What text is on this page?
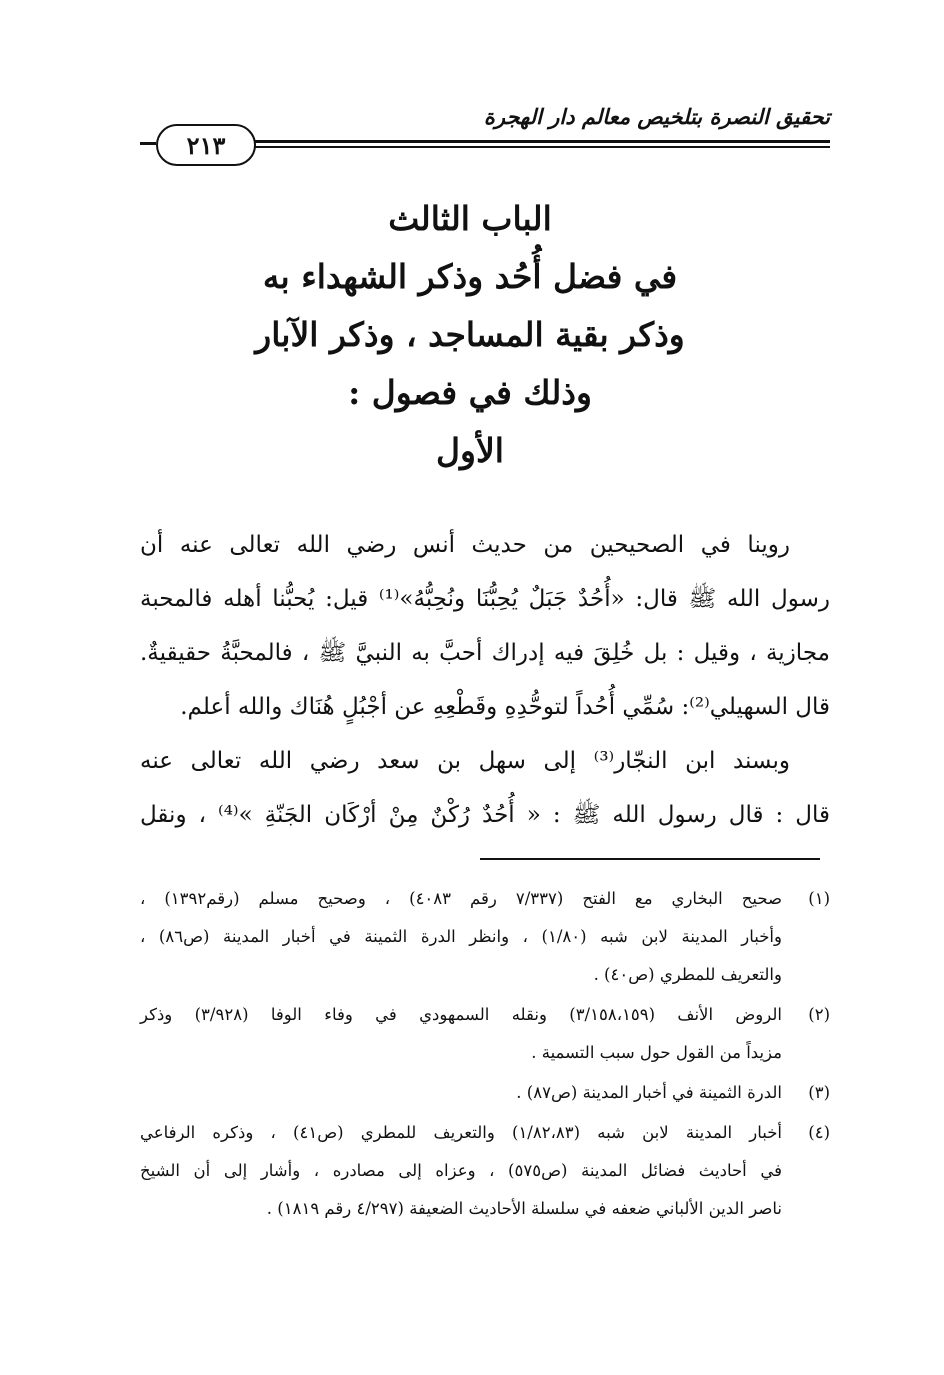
تحقيق النصرة بتلخيص معالم دار الهجرة
٢١٣
الباب الثالث
في فضل أُحُد وذكر الشهداء به
وذكر بقية المساجد ، وذكر الآبار
وذلك في فصول :
الأول
روينا في الصحيحين من حديث أنس رضي الله تعالى عنه أن
رسول الله ﷺ قال: «أُحُدٌ جَبَلٌ يُحِبُّنَا ونُحِبُّهُ»⁽¹⁾ قيل: يُحبُّنا أهله فالمحبة
مجازية ، وقيل : بل خُلِقَ فيه إدراك أحبَّ به النبيَّ ﷺ ، فالمحبَّةُ حقيقيةٌ.
قال السهيلي⁽²⁾: سُمِّي أُحُداً لتوحُّدِهِ وقَطْعِهِ عن أجْبُلٍ هُنَاك والله أعلم.
وبسند ابن النجّار⁽³⁾ إلى سهل بن سعد رضي الله تعالى عنه
قال : قال رسول الله ﷺ : « أُحُدٌ رُكْنٌ مِنْ أرْكَان الجَنّةِ »⁽⁴⁾ ، ونقل
(١)
صحيح البخاري مع الفتح (٧/٣٣٧ رقم ٤٠٨٣) ، وصحيح مسلم (رقم١٣٩٢) ،
وأخبار المدينة لابن شبه (١/٨٠) ، وانظر الدرة الثمينة في أخبار المدينة (ص٨٦) ،
والتعريف للمطري (ص٤٠) .
(٢)
الروض الأنف (٣/١٥٨،١٥٩) ونقله السمهودي في وفاء الوفا (٣/٩٢٨) وذكر
مزيداً من القول حول سبب التسمية .
(٣)
الدرة الثمينة في أخبار المدينة (ص٨٧) .
(٤)
أخبار المدينة لابن شبه (١/٨٢،٨٣) والتعريف للمطري (ص٤١) ، وذكره الرفاعي
في أحاديث فضائل المدينة (ص٥٧٥) ، وعزاه إلى مصادره ، وأشار إلى أن الشيخ
ناصر الدين الألباني ضعفه في سلسلة الأحاديث الضعيفة (٤/٢٩٧ رقم ١٨١٩) .
